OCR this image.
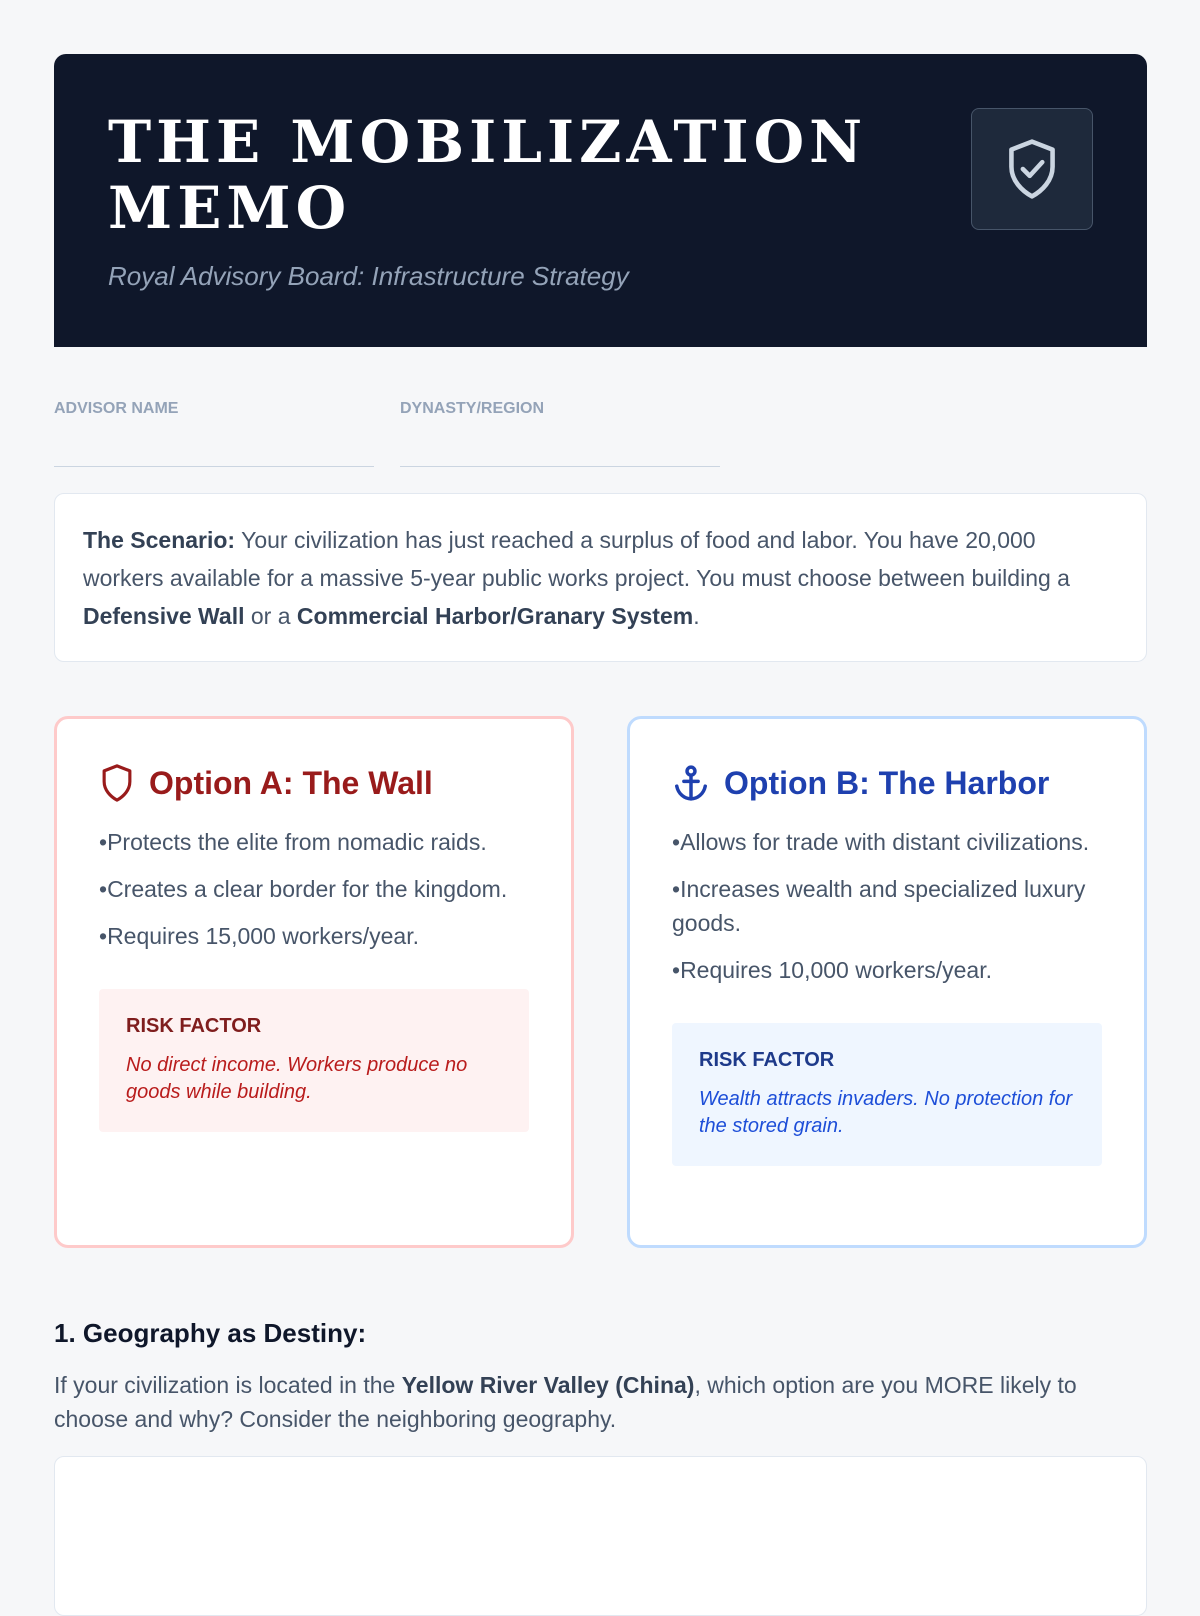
THE MOBILIZATION MEMO
Royal Advisory Board: Infrastructure Strategy
ADVISOR NAME	DYNASTY/REGION
The Scenario: Your civilization has just reached a surplus of food and labor. You have 20,000 workers available for a massive 5-year public works project. You must choose between building a Defensive Wall or a Commercial Harbor/Granary System.
Option A: The Wall
• Protects the elite from nomadic raids.
• Creates a clear border for the kingdom.
• Requires 15,000 workers/year.
RISK FACTOR
No direct income. Workers produce no goods while building.
Option B: The Harbor
• Allows for trade with distant civilizations.
• Increases wealth and specialized luxury goods.
• Requires 10,000 workers/year.
RISK FACTOR
Wealth attracts invaders. No protection for the stored grain.
1. Geography as Destiny:
If your civilization is located in the Yellow River Valley (China), which option are you MORE likely to choose and why? Consider the neighboring geography.
